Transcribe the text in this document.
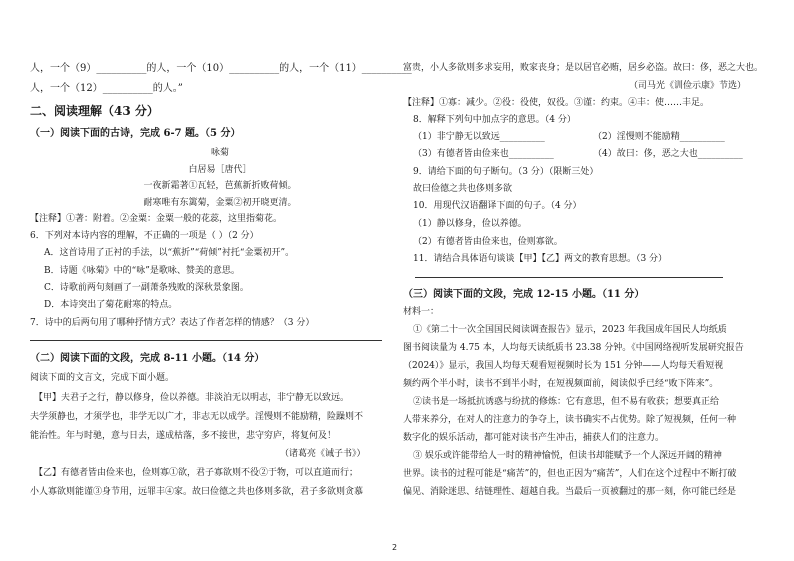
人，一个（9）__________的人，一个（10）__________的人，一个（11）__________
人，一个（12）__________的人。”
二、阅读理解（43 分）
（一）阅读下面的古诗，完成 6-7 题。（5 分）
咏菊
白居易［唐代］
一夜新霜著①瓦轻，芭蕉新折败荷倾。
耐寒唯有东篱菊，金粟②初开晓更清。
【注释】①著：附着。②金粟：金粟一般的花蕊，这里指菊花。
6．下列对本诗内容的理解，不正确的一项是（ ）（2 分）
A．这首诗用了正衬的手法，以“蕉折”“荷倾”衬托“金粟初开”。
B．诗题《咏菊》中的“咏”是歌咏、赞美的意思。
C．诗歌前两句刻画了一副萧条残败的深秋景象图。
D．本诗突出了菊花耐寒的特点。
7．诗中的后两句用了哪种抒情方式？表达了作者怎样的情感？（3 分）
（二）阅读下面的文段，完成 8-11 小题。（14 分）
阅读下面的文言文，完成下面小题。
【甲】夫君子之行，静以修身，俭以养德。非淡泊无以明志，非宁静无以致远。
夫学须静也，才须学也，非学无以广才，非志无以成学。淫慢则不能励精，险躁则不
能治性。年与时驰，意与日去，遂成枯落，多不接世，悲守穷庐，将复何及！
（诸葛亮《诫子书》）
【乙】有德者皆由俭来也，俭则寡①欲，君子寡欲则不役②于物，可以直道而行；
小人寡欲则能谨③身节用，远罪丰④家。故曰俭德之共也侈则多欲，君子多欲则贪慕
富贵，小人多欲则多求妄用，败家丧身；是以居官必贿，居乡必盗。故曰：侈，恶之大也。
（司马光《训俭示康》节选）
【注释】①寡：减少。②役：役使，奴役。③谨：约束。④丰：使……丰足。
8．解释下列句中加点字的意思。（4 分）
（1）非宁静无以致远__________	（2）淫慢则不能励精__________
（3）有德者皆由俭来也__________	（4）故曰：侈，恶之大也__________
9．请给下面的句子断句。（3 分）（限断三处）
故曰俭德之共也侈则多欲
10．用现代汉语翻译下面的句子。（4 分）
（1）静以修身，俭以养德。
（2）有德者皆由俭来也，俭则寡欲。
11．请结合具体语句谈谈【甲】【乙】两文的教育思想。（3 分）
（三）阅读下面的文段，完成 12-15 小题。（11 分）
材料一：
①《第二十一次全国国民阅读调查报告》显示，2023 年我国成年国民人均纸质
图书阅读量为 4.75 本，人均每天读纸质书 23.38 分钟。《中国网络视听发展研究报告
（2024）》显示，我国人均每天观看短视频时长为 151 分钟——人均每天看短视
频约两个半小时，读书不到半小时，在短视频面前，阅读似乎已经“败下阵来”。
②读书是一场抵抗诱惑与纷扰的修炼：它有意思，但不易有收获；想要真正给
人带来养分，在对人的注意力的争夺上，读书确实不占优势。除了短视频，任何一种
数字化的娱乐活动，都可能对读书产生冲击，捕获人们的注意力。
③ 娱乐或许能带给人一时的精神愉悦，但读书却能赋予一个人深远开阔的精神
世界。读书的过程可能是“痛苦”的，但也正因为“痛苦”，人们在这个过程中不断打破
偏见、消除迷思、结链理性、超越自我。当最后一页被翻过的那一刻，你可能已经是
2
